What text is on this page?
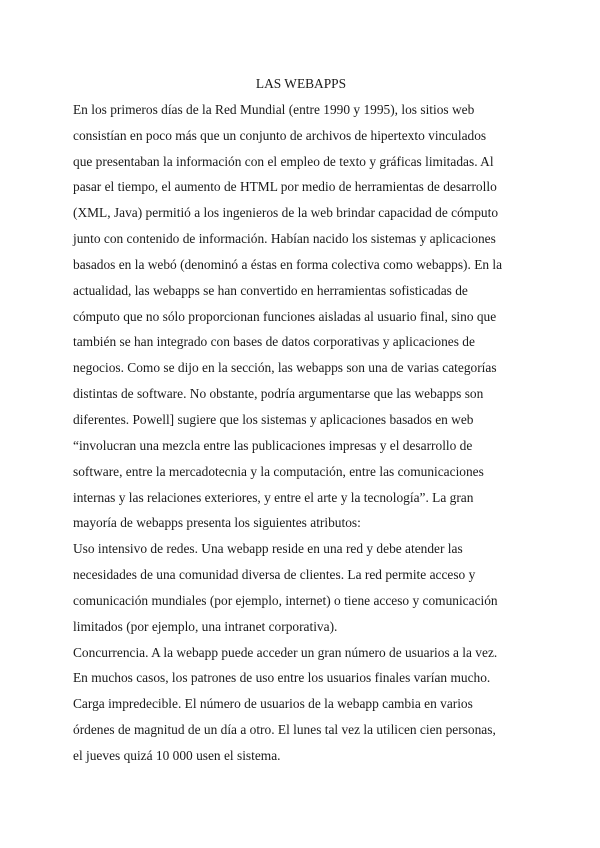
LAS WEBAPPS

En los primeros días de la Red Mundial (entre 1990 y 1995), los sitios web
consistían en poco más que un conjunto de archivos de hipertexto vinculados
que presentaban la información con el empleo de texto y gráficas limitadas. Al
pasar el tiempo, el aumento de HTML por medio de herramientas de desarrollo
(XML, Java) permitió a los ingenieros de la web brindar capacidad de cómputo
junto con contenido de información. Habían nacido los sistemas y aplicaciones
basados en la webó (denominó a éstas en forma colectiva como webapps). En la
actualidad, las webapps se han convertido en herramientas sofisticadas de
cómputo que no sólo proporcionan funciones aisladas al usuario final, sino que
también se han integrado con bases de datos corporativas y aplicaciones de
negocios. Como se dijo en la sección, las webapps son una de varias categorías
distintas de software. No obstante, podría argumentarse que las webapps son
diferentes. Powell] sugiere que los sistemas y aplicaciones basados en web
“involucran una mezcla entre las publicaciones impresas y el desarrollo de
software, entre la mercadotecnia y la computación, entre las comunicaciones
internas y las relaciones exteriores, y entre el arte y la tecnología”. La gran
mayoría de webapps presenta los siguientes atributos:

Uso intensivo de redes. Una webapp reside en una red y debe atender las
necesidades de una comunidad diversa de clientes. La red permite acceso y
comunicación mundiales (por ejemplo, internet) o tiene acceso y comunicación
limitados (por ejemplo, una intranet corporativa).

Concurrencia. A la webapp puede acceder un gran número de usuarios a la vez.
En muchos casos, los patrones de uso entre los usuarios finales varían mucho.

Carga impredecible. El número de usuarios de la webapp cambia en varios
órdenes de magnitud de un día a otro. El lunes tal vez la utilicen cien personas,
el jueves quizá 10 000 usen el sistema.
